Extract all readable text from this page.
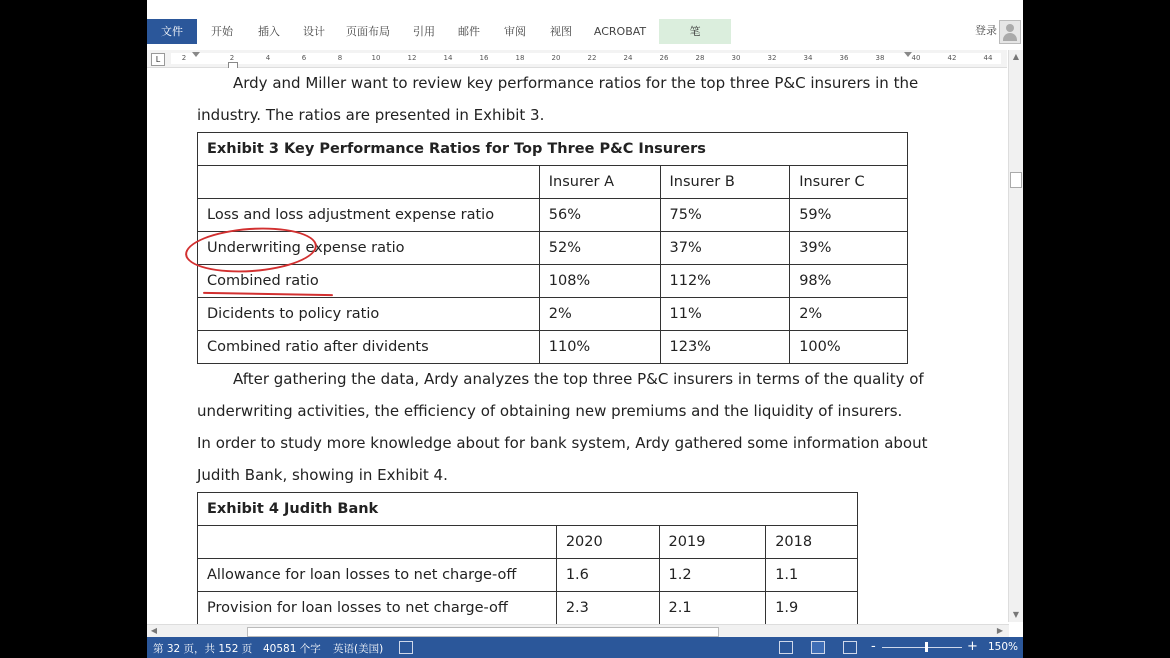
文件	开始	插入	设计	页面布局	引用	邮件	审阅	视图	ACROBAT	笔	登录
L	2	2	4	6	8	10	12	14	16	18	20	22	24	26	28	30	32	34	36	38	40	42	44
Ardy and Miller want to review key performance ratios for the top three P&C insurers in the
industry. The ratios are presented in Exhibit 3.
Exhibit 3 Key Performance Ratios for Top Three P&C Insurers			
	Insurer A	Insurer B	Insurer C
Loss and loss adjustment expense ratio	56%	75%	59%
Underwriting expense ratio	52%	37%	39%
Combined ratio	108%	112%	98%
Dicidents to policy ratio	2%	11%	2%
Combined ratio after dividents	110%	123%	100%
After gathering the data, Ardy analyzes the top three P&C insurers in terms of the quality of
underwriting activities, the efficiency of obtaining new premiums and the liquidity of insurers.
In order to study more knowledge about for bank system, Ardy gathered some information about
Judith Bank, showing in Exhibit 4.
Exhibit 4 Judith Bank			
	2020	2019	2018
Allowance for loan losses to net charge-off	1.6	1.2	1.1
Provision for loan losses to net charge-off	2.3	2.1	1.9
▲
▼
◀	▶
第 32 页，共 152 页 40581 个字 英语(美国)	-	+ 150%
